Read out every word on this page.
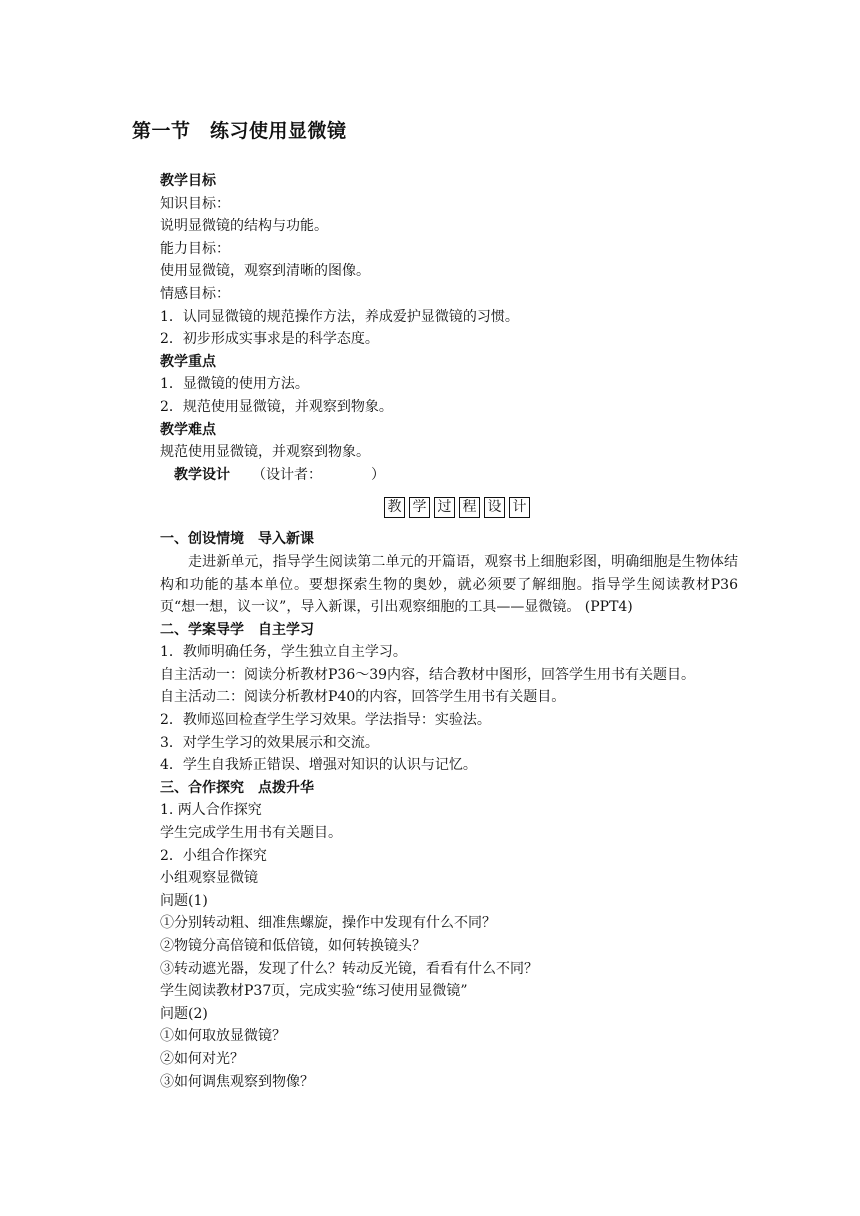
第一节　练习使用显微镜
教学目标
知识目标：
说明显微镜的结构与功能。
能力目标：
使用显微镜，观察到清晰的图像。
情感目标：
1．认同显微镜的规范操作方法，养成爱护显微镜的习惯。
2．初步形成实事求是的科学态度。
教学重点
1．显微镜的使用方法。
2．规范使用显微镜，并观察到物象。
教学难点
规范使用显微镜，并观察到物象。
教学设计 （设计者：　　　　）
教 学 过 程 设 计
一、创设情境　导入新课
走进新单元，指导学生阅读第二单元的开篇语，观察书上细胞彩图，明确细胞是生物体结构和功能的基本单位。要想探索生物的奥妙，就必须要了解细胞。指导学生阅读教材P36页“想一想，议一议”，导入新课，引出观察细胞的工具——显微镜。 (PPT4)
二、学案导学　自主学习
1．教师明确任务，学生独立自主学习。
自主活动一：阅读分析教材P36～39内容，结合教材中图形，回答学生用书有关题目。
自主活动二：阅读分析教材P40的内容，回答学生用书有关题目。
2．教师巡回检查学生学习效果。学法指导：实验法。
3．对学生学习的效果展示和交流。
4．学生自我矫正错误、增强对知识的认识与记忆。
三、合作探究　点拨升华
1. 两人合作探究
学生完成学生用书有关题目。
2．小组合作探究
小组观察显微镜
问题(1)
①分别转动粗、细准焦螺旋，操作中发现有什么不同？
②物镜分高倍镜和低倍镜，如何转换镜头？
③转动遮光器，发现了什么？转动反光镜，看看有什么不同？
学生阅读教材P37页，完成实验“练习使用显微镜”
问题(2)
①如何取放显微镜？
②如何对光？
③如何调焦观察到物像？
